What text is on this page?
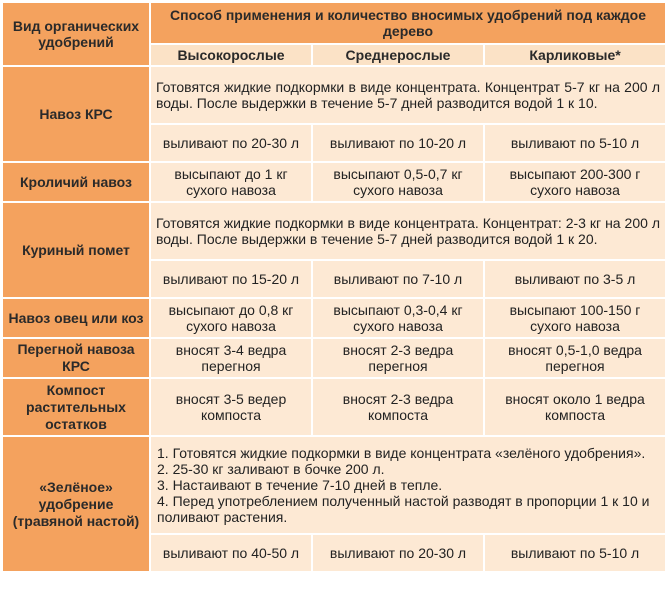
Вид органических удобрений	Способ применения и количество вносимых удобрений под каждое дерево		
	Высокорослые	Среднерослые	Карликовые*
Навоз КРС	Готовятся жидкие подкормки в виде концентрата. Концентрат 5-7 кг на 200 л воды. После выдержки в течение 5-7 дней разводится водой 1 к 10.		
	выливают по 20-30 л	выливают по 10-20 л	выливают по 5-10 л
Кроличий навоз	высыпают до 1 кг сухого навоза	высыпают 0,5-0,7 кг сухого навоза	высыпают 200-300 г сухого навоза
Куриный помет	Готовятся жидкие подкормки в виде концентрата. Концентрат: 2-3 кг на 200 л воды. После выдержки в течение 5-7 дней разводится водой 1 к 20.		
	выливают по 15-20 л	выливают по 7-10 л	выливают по 3-5 л
Навоз овец или коз	высыпают до 0,8 кг сухого навоза	высыпают 0,3-0,4 кг сухого навоза	высыпают 100-150 г сухого навоза
Перегной навоза КРС	вносят 3-4 ведра перегноя	вносят 2-3 ведра перегноя	вносят 0,5-1,0 ведра перегноя
Компост растительных остатков	вносят 3-5 ведер компоста	вносят 2-3 ведра компоста	вносят около 1 ведра компоста
«Зелёное» удобрение (травяной настой)	1. Готовятся жидкие подкормки в виде концентрата «зелёного удобрения».
2. 25-30 кг заливают в бочке 200 л.
3. Настаивают в течение 7-10 дней в тепле.
4. Перед употреблением полученный настой разводят в пропорции 1 к 10 и поливают растения.		

	выливают по 40-50 л	выливают по 20-30 л	выливают по 5-10 л
